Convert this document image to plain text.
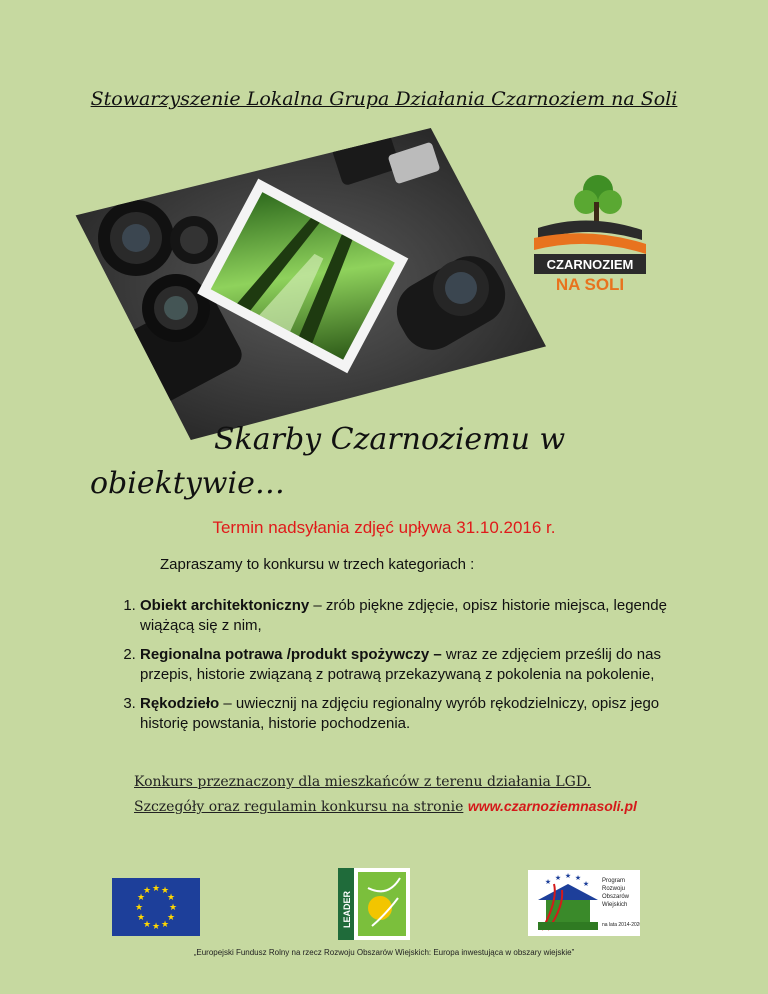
Stowarzyszenie Lokalna Grupa Działania Czarnoziem na Soli
CZARNOZIEM
NA SOLI
Skarby Czarnoziemu w
obiektywie…
Termin nadsyłania zdjęć upływa 31.10.2016 r.
Zapraszamy to konkursu w trzech kategoriach :
1. Obiekt architektoniczny – zrób piękne zdjęcie, opisz historie miejsca, legendę wiążącą się z nim,
2. Regionalna potrawa /produkt spożywczy – wraz ze zdjęciem prześlij do nas przepis, historie związaną z potrawą przekazywaną z pokolenia na pokolenie,
3. Rękodzieło – uwiecznij na zdjęciu regionalny wyrób rękodzielniczy, opisz jego historię powstania, historie pochodzenia.
Konkurs przeznaczony dla mieszkańców z terenu działania LGD.
Szczegóły oraz regulamin konkursu na stronie www.czarnoziemnasoli.pl
★ ★
★
★
★
★
★
★
★
★
★
★	LEADER
★ ★ ★
★	★ Program
Rozwoju
Obszarów
Wiejskich
na lata 2014-2020
„Europejski Fundusz Rolny na rzecz Rozwoju Obszarów Wiejskich: Europa inwestująca w obszary wiejskie”
